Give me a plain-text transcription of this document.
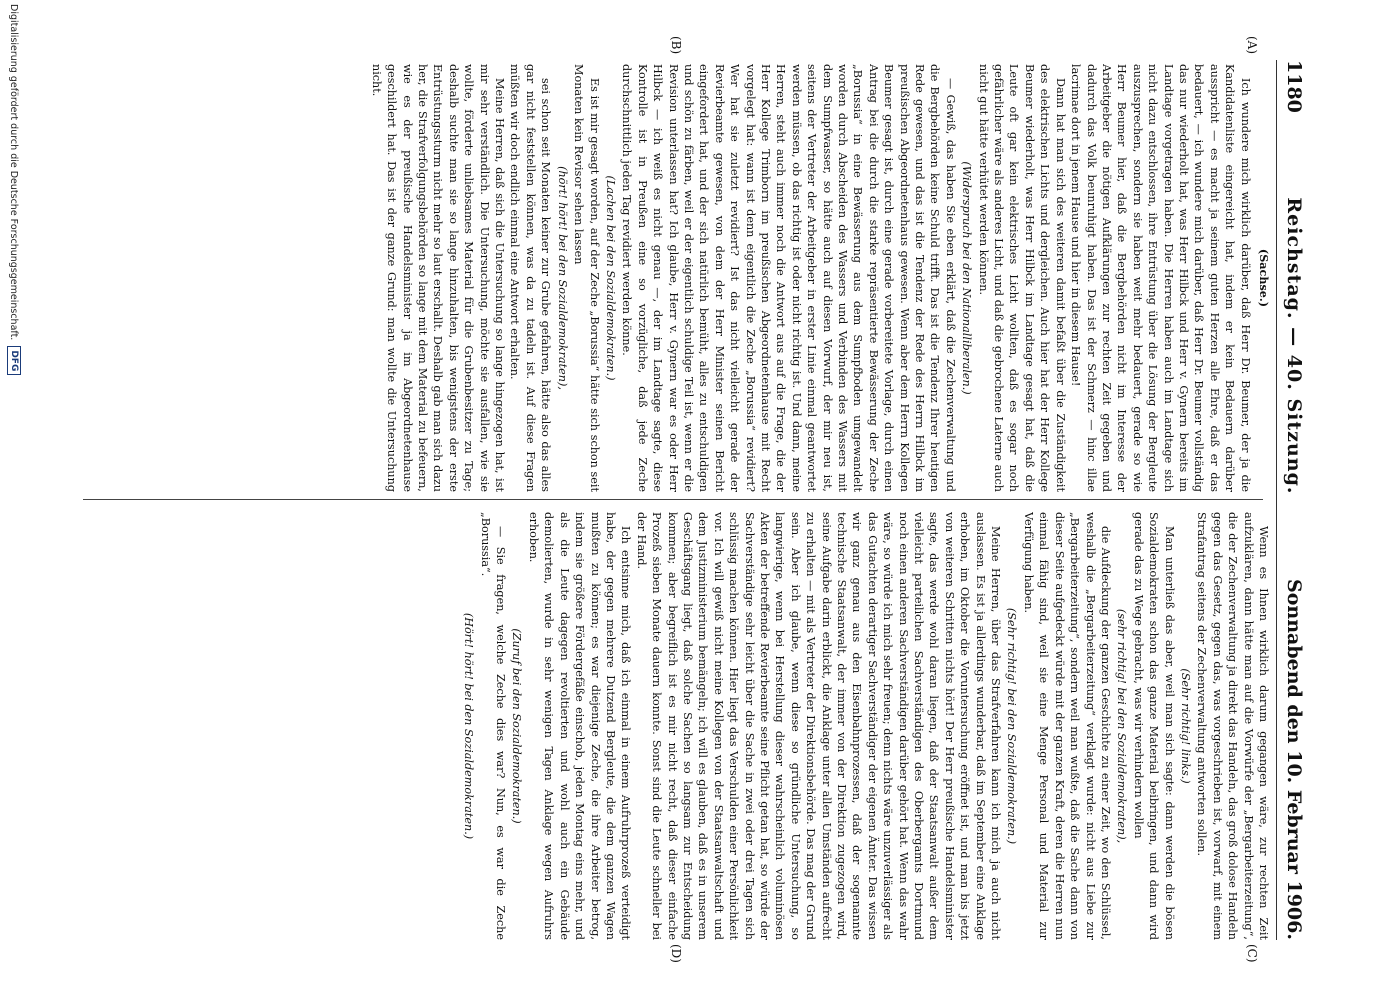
1180
Reichstag. — 40. Sitzung.
Sonnabend den 10. Februar 1906.
(A)
(B)
(C)
(D)

(Sachse.)

Ich wundere mich wirklich darüber, daß Herr Dr. Beumer, der ja die Kandidatenliste eingereicht hat, indem er kein Bedauern darüber ausspricht — es macht ja seinem guten Herzen alle Ehre, daß er das bedauert, — ich wundere mich darüber, daß Herr Dr. Beumer vollständig das nur wiederholt hat, was Herr Hilbck und Herr v. Gynern bereits im Landtage vorgetragen haben. Die Herren haben auch im Landtage sich nicht dazu entschlossen, ihre Entrüstung über die Lösung der Bergleute auszusprechen, sondern sie haben weit mehr bedauert, gerade so wie Herr Beumer hier, daß die Bergbehörden nicht im Interesse der Arbeitgeber die nötigen Aufklärungen zur rechten Zeit gegeben und dadurch das Volk beunruhigt haben. Das ist der Schmerz — hinc illae lacrimae dort in jenem Hause und hier in diesem Hause!

Dann hat man sich des weiteren damit befaßt über die Zuständigkeit des elektrischen Lichts und dergleichen. Auch hier hat der Herr Kollege Beumer wiederholt, was Herr Hilbck im Landtage gesagt hat, daß die Leute oft gar kein elektrisches Licht wollten, daß es sogar noch gefährlicher wäre als anderes Licht, und daß die gebrochene Laterne auch nicht gut hätte verhütet werden können.

(Widerspruch bei den Nationalliberalen.)

— Gewiß, das haben Sie eben erklärt, daß die Zechenverwaltung und die Bergbehörden keine Schuld trifft. Das ist die Tendenz Ihrer heutigen Rede gewesen, und das ist die Tendenz der Rede des Herrn Hilbck im preußischen Abgeordnetenhaus gewesen. Wenn aber dem Herrn Kollegen Beumer gesagt ist, durch eine gerade vorbereitete Vorlage, durch einen Antrag bei die durch die starke repräsentierte Bewässerung der Zeche „Borussia“ in eine Bewässerung aus dem Sumpfboden umgewandelt worden durch Abscheiden des Wassers und Verbinden des Wassers mit dem Sumpfwasser, so hätte auch auf diesen Vorwurf, der mir neu ist, seitens der Vertreter der Arbeitgeber in erster Linie einmal geantwortet werden müssen, ob das richtig ist oder nicht richtig ist. Und dann, meine Herren, steht auch immer noch die Antwort aus auf die Frage, die der Herr Kollege Trimborn im preußischen Abgeordnetenhause mit Recht vorgelegt hat: wann ist denn eigentlich die Zeche „Borussia“ revidiert? Wer hat sie zuletzt revidiert? Ist das nicht vielleicht gerade der Revierbeamte gewesen, von dem der Herr Minister seinen Bericht eingefordert hat, und der sich natürlich bemüht, alles zu entschuldigen und schön zu färben, weil er der eigentlich schuldige Teil ist, wenn er die Revision unterlassen hat? Ich glaube, Herr v. Gynern war es oder Herr Hilbck — ich weiß es nicht genau —, der im Landtage sagte, diese Kontrolle ist in Preußen eine so vorzügliche, daß jede Zeche durchschnittlich jeden Tag revidiert werden könne.

(Lachen bei den Sozialdemokraten.)

Es ist mir gesagt worden, auf der Zeche „Borussia“ hätte sich schon seit Monaten kein Revisor sehen lassen

(hört! hört! bei den Sozialdemokraten),

sei schon seit Monaten keiner zur Grube gefahren, hätte also das alles gar nicht feststellen können, was da zu tadeln ist. Auf diese Fragen müßten wir doch endlich einmal eine Antwort erhalten.

Meine Herren, daß sich die Untersuchung so lange hingezogen hat, ist mir sehr verständlich. Die Untersuchung, möchte sie ausfallen, wie sie wollte, förderte unliebsames Material für die Grubenbesitzer zu Tage; deshalb suchte man sie so lange hinzuhalten, bis wenigstens der erste Entrüstungssturm nicht mehr so laut erschallt. Deshalb gab man sich dazu her, die Strafverfolgungsbehörden so lange mit dem Material zu befeuern, wie es der preußische Handelsminister ja im Abgeordnetenhause geschildert hat. Das ist der ganze Grund: man wollte die Untersuchung nicht.

Wenn es Ihnen wirklich darum gegangen wäre, zur rechten Zeit aufzuklären, dann hätte man auf die Vorwürfe der „Bergarbeiterzeitung“, die der Zechenverwaltung ja direkt das Handeln, das groß dolose Handeln gegen das Gesetz, gegen das, was vorgeschrieben ist, vorwarf, mit einem Strafantrag seitens der Zechenverwaltung antworten sollen.

(Sehr richtig! links.)

Man unterließ das aber, weil man sich sagte: dann werden die bösen Sozialdemokraten schon das ganze Material beibringen, und dann wird gerade das zu Wege gebracht, was wir verhindern wollen

(sehr richtig! bei den Sozialdemokraten),

die Aufdeckung der ganzen Geschichte zu einer Zeit, wo den Schlüssel, weshalb die „Bergarbeiterzeitung“ verklagt wurde: nicht aus Liebe zur „Bergarbeiterzeitung“, sondern weil man wußte, daß die Sache dann von dieser Seite aufgedeckt würde mit der ganzen Kraft, deren die Herren nun einmal fähig sind, weil sie eine Menge Personal und Material zur Verfügung haben.

(Sehr richtig! bei den Sozialdemokraten.)

Meine Herren, über das Strafverfahren kann ich mich ja auch nicht auslassen. Es ist ja allerdings wunderbar, daß im September eine Anklage erhoben, im Oktober die Voruntersuchung eröffnet ist, und man bis jetzt von weiteren Schritten nichts hört! Der Herr preußische Handelsminister sagte, das werde wohl daran liegen, daß der Staatsanwalt außer dem vielleicht parteilichen Sachverständigen des Oberbergamts Dortmund noch einen anderen Sachverständigen darüber gehört hat. Wenn das wahr wäre, so würde ich mich sehr freuen; denn nichts wäre unzuverlässiger als das Gutachten derartiger Sachverständiger der eigenen Ämter. Das wissen wir ganz genau aus den Eisenbahnprozessen, daß der sogenannte technische Staatsanwalt, der immer von der Direktion zugezogen wird, seine Aufgabe darin erblickt, die Anklage unter allen Umständen aufrecht zu erhalten — mit als Vertreter der Direktionsbehörde. Das mag der Grund sein. Aber ich glaube, wenn diese so gründliche Untersuchung, so langwierige, wenn bei Herstellung dieser wahrscheinlich voluminösen Akten der betreffende Revierbeamte seine Pflicht getan hat, so würde der Sachverständige sehr leicht über die Sache in zwei oder drei Tagen sich schlüssig machen können. Hier liegt das Verschulden einer Persönlichkeit vor. Ich will gewiß nicht meine Kollegen von der Staatsanwaltschaft und dem Justizministerium bemängeln; ich will es glauben, daß es in unserem Geschäftsgang liegt, daß solche Sachen so langsam zur Entscheidung kommen; aber begreiflich ist es mir nicht recht, daß dieser einfache Prozeß sieben Monate dauern konnte. Sonst sind die Leute schneller bei der Hand.

Ich entsinne mich, daß ich einmal in einem Aufruhrprozeß verteidigt habe, der gegen mehrere Dutzend Bergleute, die dem ganzen Wagen mußten zu können; es war diejenige Zeche, die ihre Arbeiter betrog, indem sie größere Fördergefäße einschob, jeden Montag eins mehr, und als die Leute dagegen revoltierten und wohl auch ein Gebäude demolierten, wurde in sehr wenigen Tagen Anklage wegen Aufruhrs erhoben.

(Zuruf bei den Sozialdemokraten.)

— Sie fragen, welche Zeche dies war? Nun, es war die Zeche „Borussia“.

(Hört! hört! bei den Sozialdemokraten.)

Digitalisierung gefördert durch die Deutsche Forschungsgemeinschaft.
DFG
